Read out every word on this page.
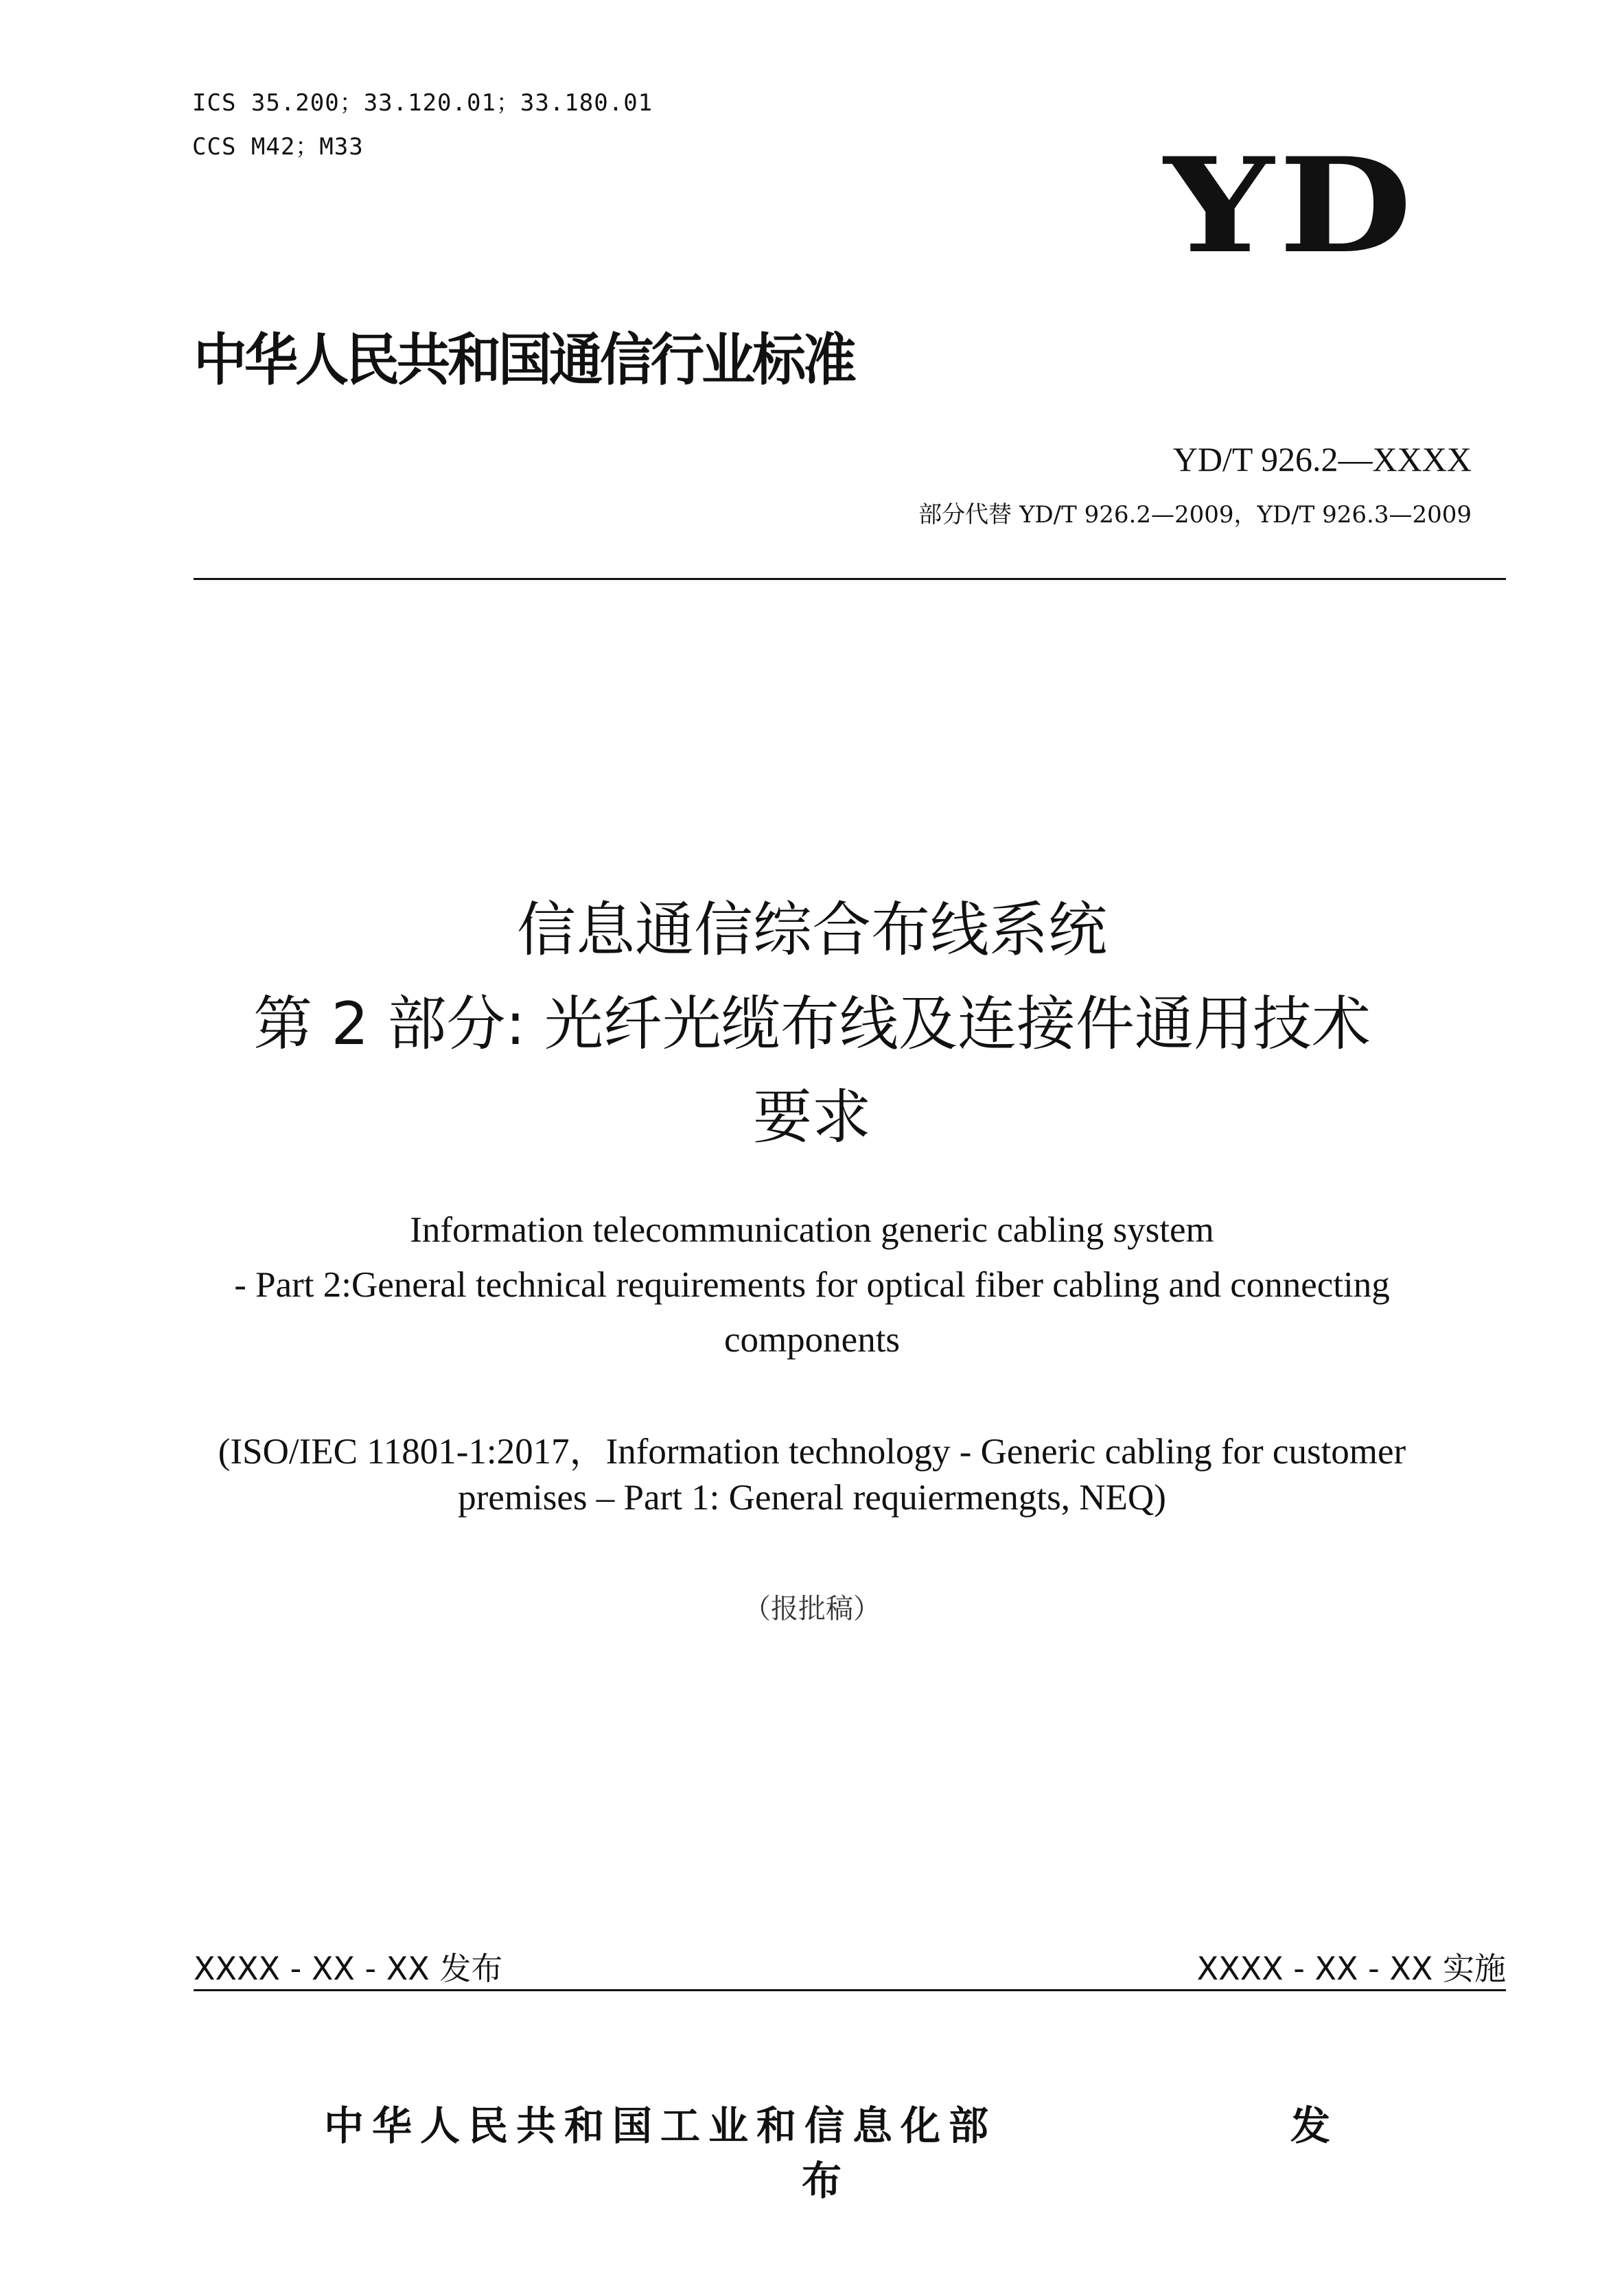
ICS 35.200；33.120.01；33.180.01
CCS M42；M33	YD
中华人民共和国通信行业标准
YD/T 926.2—XXXX
部分代替 YD/T 926.2—2009，YD/T 926.3—2009
信息通信综合布线系统
第 2 部分: 光纤光缆布线及连接件通用技术
要求
Information telecommunication generic cabling system
- Part 2:General technical requirements for optical fiber cabling and connecting
components
(ISO/IEC 11801-1:2017，Information technology - Generic cabling for customer
premises – Part 1: General requiermengts, NEQ)
（报批稿）
XXXX - XX - XX 发布	XXXX - XX - XX 实施
中华人民共和国工业和信息化部	发
布
